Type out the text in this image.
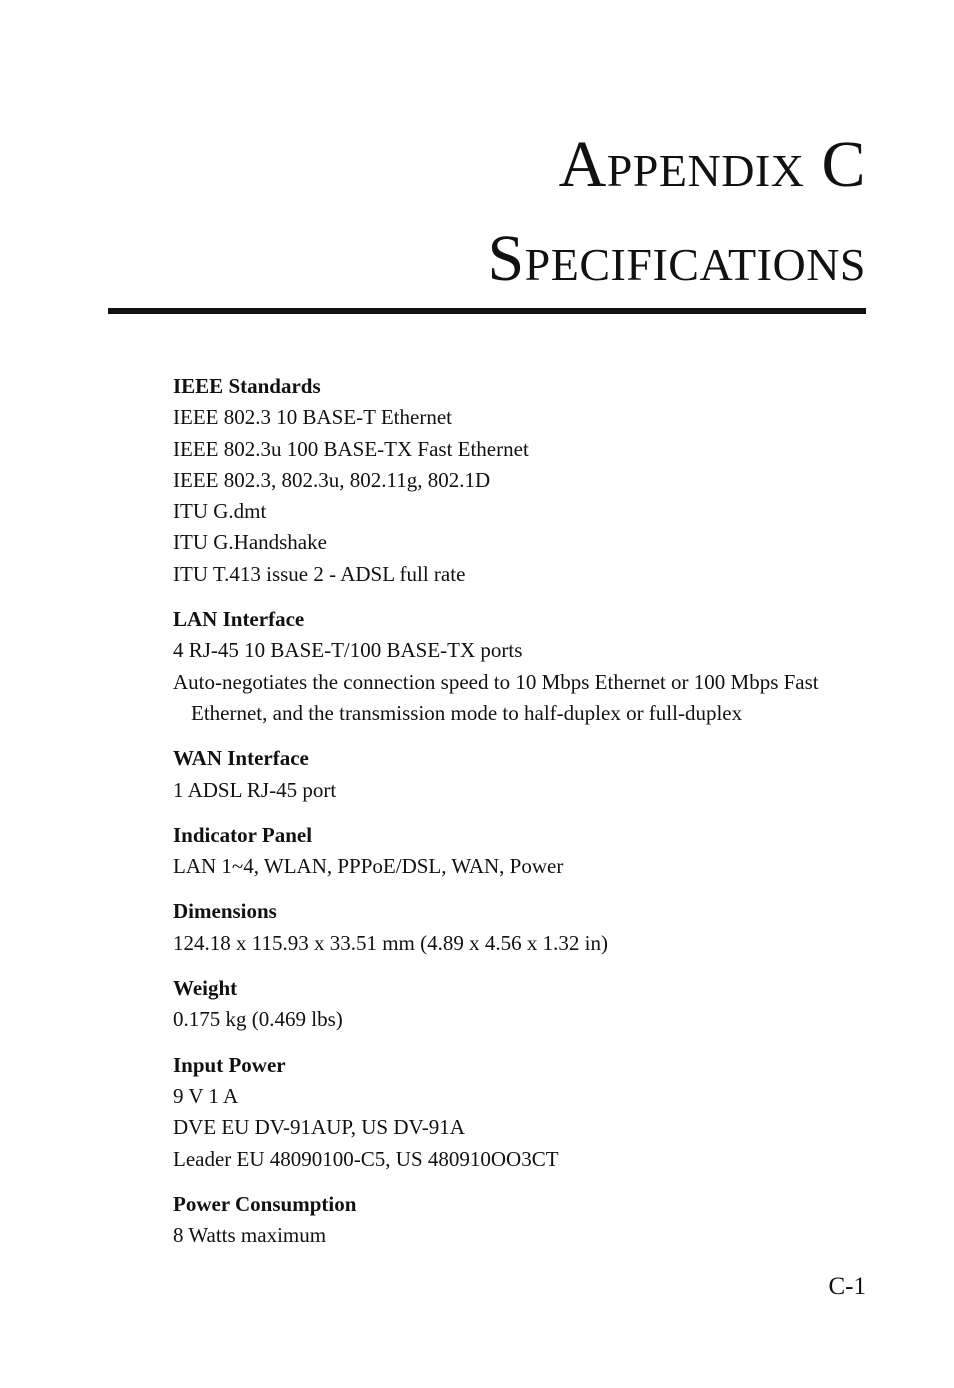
Appendix C
Specifications
IEEE Standards
IEEE 802.3 10 BASE-T Ethernet
IEEE 802.3u 100 BASE-TX Fast Ethernet
IEEE 802.3, 802.3u, 802.11g, 802.1D
ITU G.dmt
ITU G.Handshake
ITU T.413 issue 2 - ADSL full rate
LAN Interface
4 RJ-45 10 BASE-T/100 BASE-TX ports
Auto-negotiates the connection speed to 10 Mbps Ethernet or 100 Mbps Fast Ethernet, and the transmission mode to half-duplex or full-duplex
WAN Interface
1 ADSL RJ-45 port
Indicator Panel
LAN 1~4, WLAN, PPPoE/DSL, WAN, Power
Dimensions
124.18 x 115.93 x 33.51 mm (4.89 x 4.56 x 1.32 in)
Weight
0.175 kg (0.469 lbs)
Input Power
9 V 1 A
DVE EU DV-91AUP, US DV-91A
Leader EU 48090100-C5, US 480910OO3CT
Power Consumption
8 Watts maximum
C-1
